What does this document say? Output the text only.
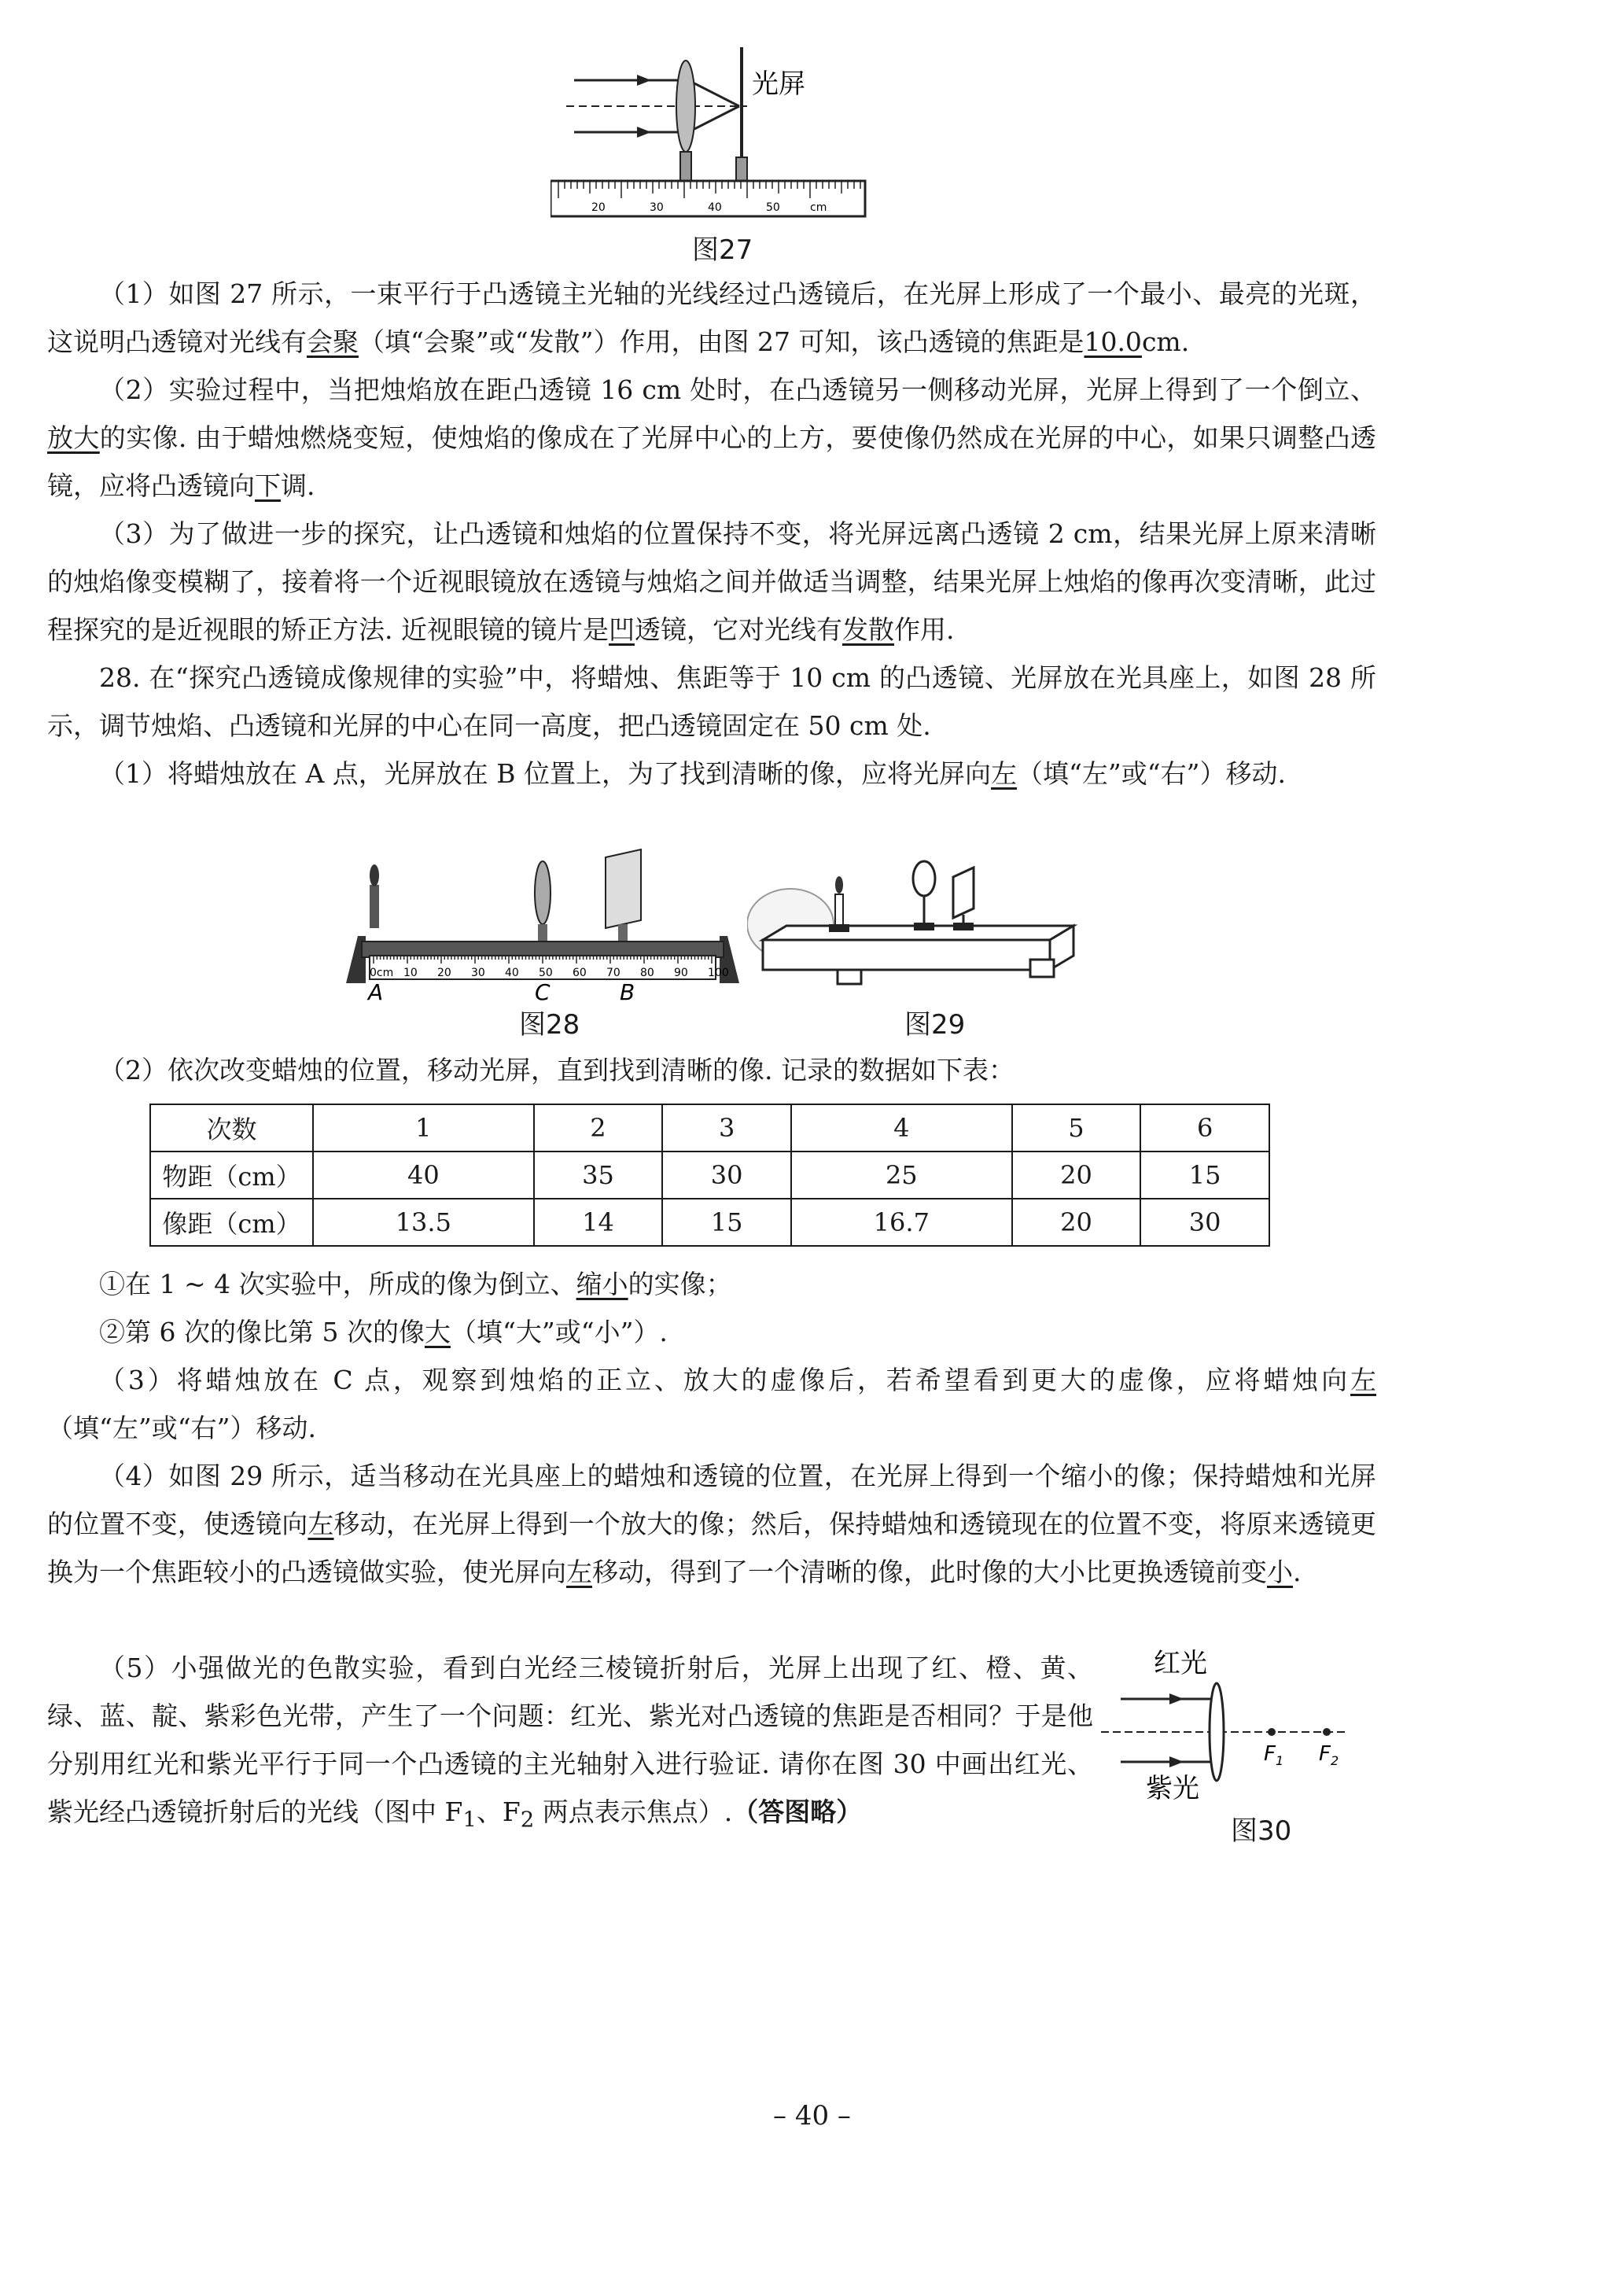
光屏
20	30	40	50	cm
图27

（1）如图 27 所示，一束平行于凸透镜主光轴的光线经过凸透镜后，在光屏上形成了一个最小、最亮的光斑，这说明凸透镜对光线有会聚（填“会聚”或“发散”）作用，由图 27 可知，该凸透镜的焦距是10.0cm.

（2）实验过程中，当把烛焰放在距凸透镜 16 cm 处时，在凸透镜另一侧移动光屏，光屏上得到了一个倒立、放大的实像. 由于蜡烛燃烧变短，使烛焰的像成在了光屏中心的上方，要使像仍然成在光屏的中心，如果只调整凸透镜，应将凸透镜向下调.

（3）为了做进一步的探究，让凸透镜和烛焰的位置保持不变，将光屏远离凸透镜 2 cm，结果光屏上原来清晰的烛焰像变模糊了，接着将一个近视眼镜放在透镜与烛焰之间并做适当调整，结果光屏上烛焰的像再次变清晰，此过程探究的是近视眼的矫正方法. 近视眼镜的镜片是凹透镜，它对光线有发散作用.

28. 在“探究凸透镜成像规律的实验”中，将蜡烛、焦距等于 10 cm 的凸透镜、光屏放在光具座上，如图 28 所示，调节烛焰、凸透镜和光屏的中心在同一高度，把凸透镜固定在 50 cm 处.

（1）将蜡烛放在 A 点，光屏放在 B 位置上，为了找到清晰的像，应将光屏向左（填“左”或“右”）移动.

0cm 10 20 30 40 50 60 70 80 90 100
A	C	B
图28	图29

（2）依次改变蜡烛的位置，移动光屏，直到找到清晰的像. 记录的数据如下表：

次数	1	2	3	4	5	6
物距（cm）	40	35	30	25	20	15
像距（cm）	13.5	14	15	16.7	20	30

①在 1 ~ 4 次实验中，所成的像为倒立、缩小的实像；

②第 6 次的像比第 5 次的像大（填“大”或“小”）.

（3）将蜡烛放在 C 点，观察到烛焰的正立、放大的虚像后，若希望看到更大的虚像，应将蜡烛向左（填“左”或“右”）移动.

（4）如图 29 所示，适当移动在光具座上的蜡烛和透镜的位置，在光屏上得到一个缩小的像；保持蜡烛和光屏的位置不变，使透镜向左移动，在光屏上得到一个放大的像；然后，保持蜡烛和透镜现在的位置不变，将原来透镜更换为一个焦距较小的凸透镜做实验，使光屏向左移动，得到了一个清晰的像，此时像的大小比更换透镜前变小.

（5）小强做光的色散实验，看到白光经三棱镜折射后，光屏上出现了红、橙、黄、绿、蓝、靛、紫彩色光带，产生了一个问题：红光、紫光对凸透镜的焦距是否相同？于是他分别用红光和紫光平行于同一个凸透镜的主光轴射入进行验证. 请你在图 30 中画出红光、紫光经凸透镜折射后的光线（图中 $F_1$、$F_2$ 两点表示焦点）.（答图略）

红光
紫光
$F_1$ $F_2$
图30
– 40 –
